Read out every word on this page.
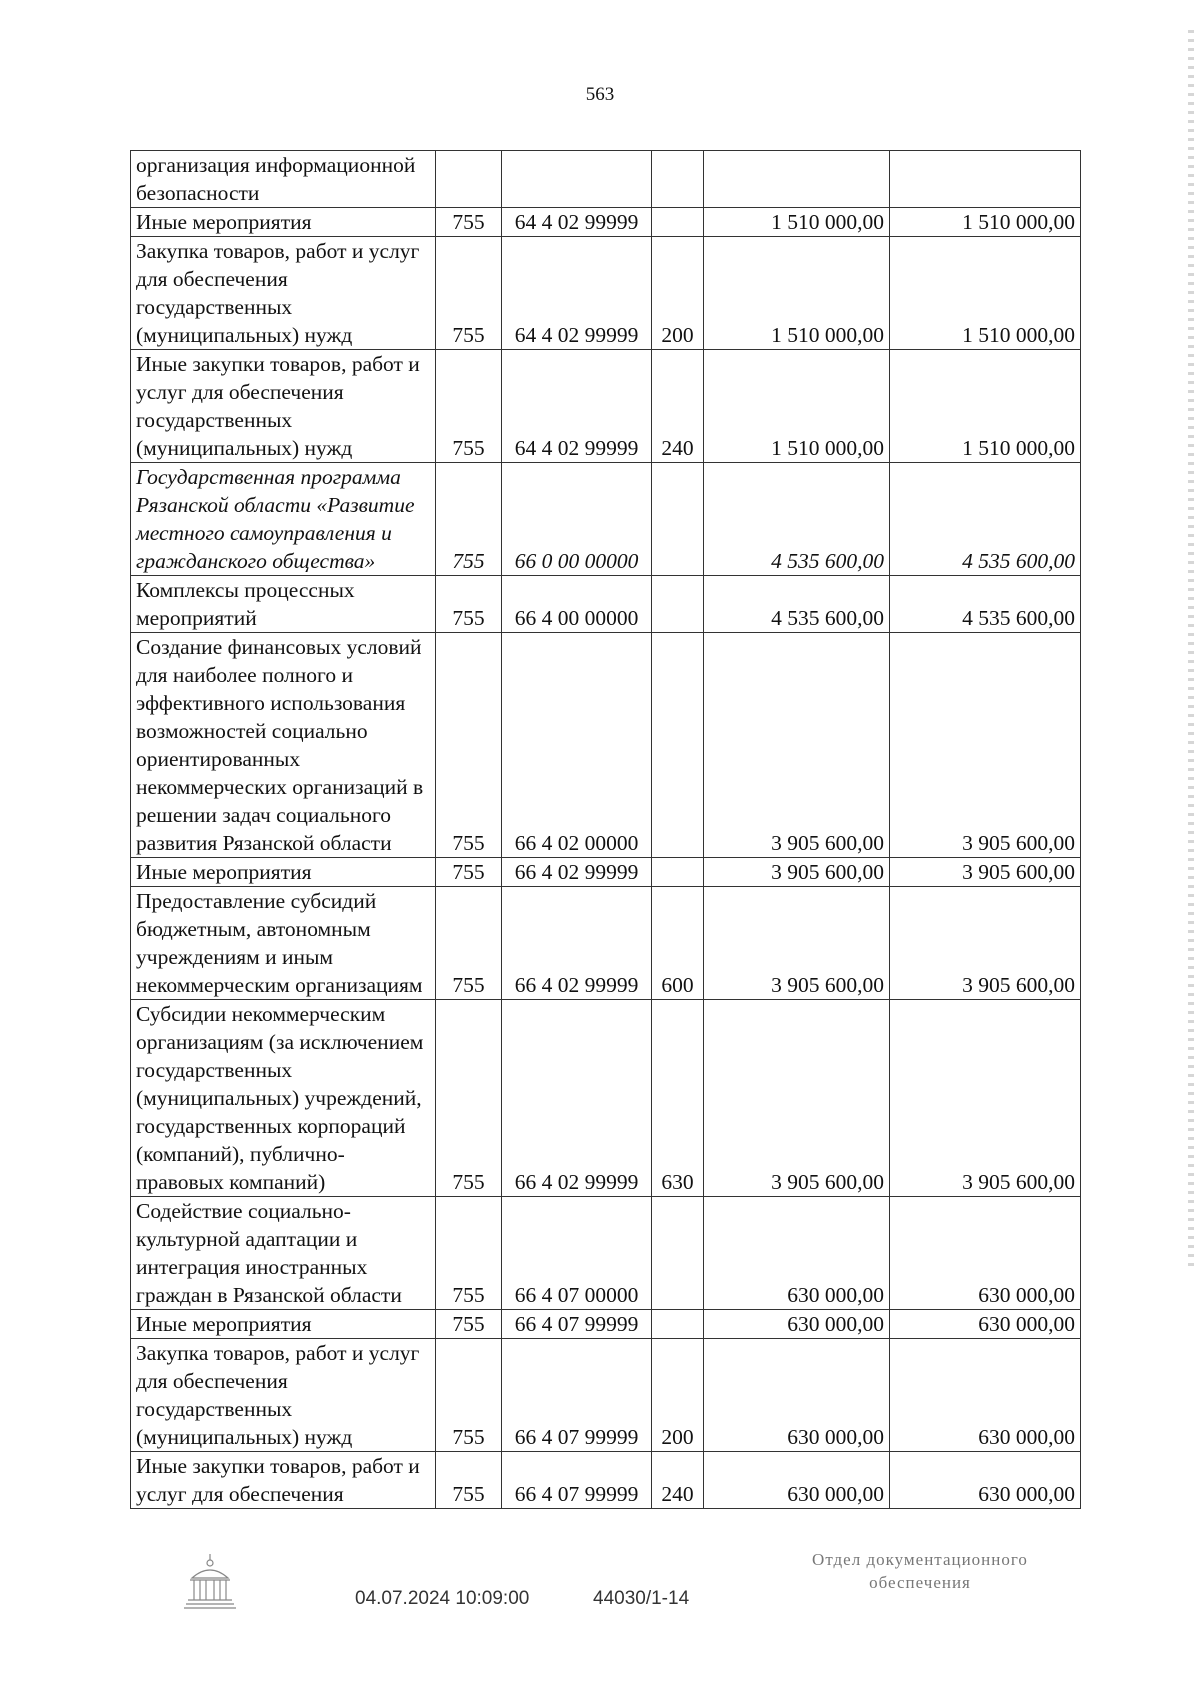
563
организация информационной безопасности					
Иные мероприятия	755	64 4 02 99999		1 510 000,00	1 510 000,00
Закупка товаров, работ и услуг для обеспечения государственных (муниципальных) нужд	755	64 4 02 99999	200	1 510 000,00	1 510 000,00
Иные закупки товаров, работ и услуг для обеспечения государственных (муниципальных) нужд	755	64 4 02 99999	240	1 510 000,00	1 510 000,00
Государственная программа Рязанской области «Развитие местного самоуправления и гражданского общества»	755	66 0 00 00000		4 535 600,00	4 535 600,00
Комплексы процессных мероприятий	755	66 4 00 00000		4 535 600,00	4 535 600,00
Создание финансовых условий для наиболее полного и эффективного использования возможностей социально ориентированных некоммерческих организаций в решении задач социального развития Рязанской области	755	66 4 02 00000		3 905 600,00	3 905 600,00
Иные мероприятия	755	66 4 02 99999		3 905 600,00	3 905 600,00
Предоставление субсидий бюджетным, автономным учреждениям и иным некоммерческим организациям	755	66 4 02 99999	600	3 905 600,00	3 905 600,00
Субсидии некоммерческим организациям (за исключением государственных (муниципальных) учреждений, государственных корпораций (компаний), публично-правовых компаний)	755	66 4 02 99999	630	3 905 600,00	3 905 600,00
Содействие социально-культурной адаптации и интеграция иностранных граждан в Рязанской области	755	66 4 07 00000		630 000,00	630 000,00
Иные мероприятия	755	66 4 07 99999		630 000,00	630 000,00
Закупка товаров, работ и услуг для обеспечения государственных (муниципальных) нужд	755	66 4 07 99999	200	630 000,00	630 000,00
Иные закупки товаров, работ и услуг для обеспечения	755	66 4 07 99999	240	630 000,00	630 000,00
04.07.2024 10:09:00	44030/1-14
Отдел документационного
обеспечения
